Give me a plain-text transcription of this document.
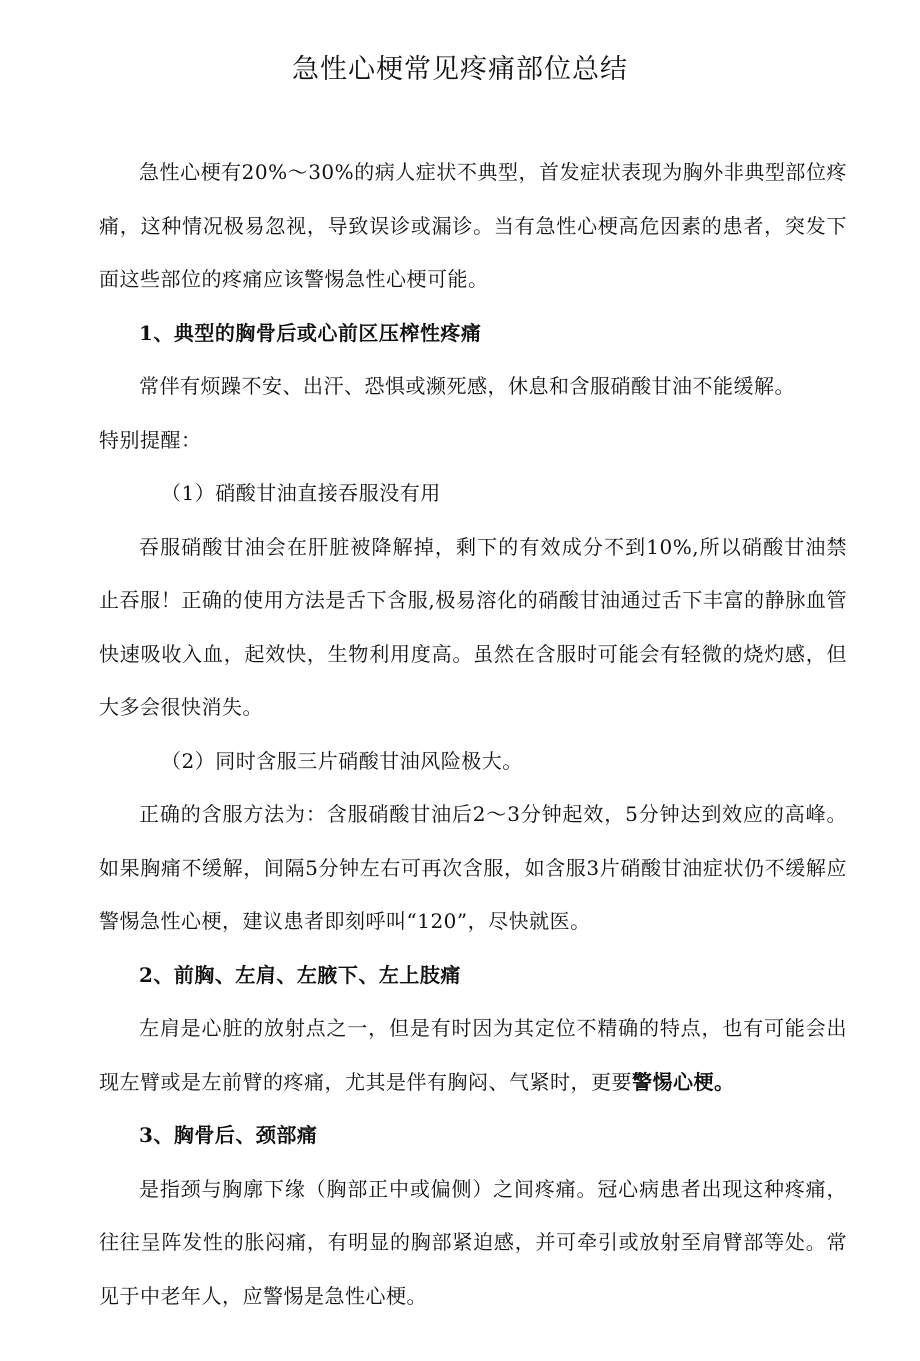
急性心梗常见疼痛部位总结

急性心梗有20%～30%的病人症状不典型，首发症状表现为胸外非典型部位疼痛，这种情况极易忽视，导致误诊或漏诊。当有急性心梗高危因素的患者，突发下面这些部位的疼痛应该警惕急性心梗可能。

1、典型的胸骨后或心前区压榨性疼痛

常伴有烦躁不安、出汗、恐惧或濒死感，休息和含服硝酸甘油不能缓解。

特别提醒：

（1）硝酸甘油直接吞服没有用

吞服硝酸甘油会在肝脏被降解掉，剩下的有效成分不到10%,所以硝酸甘油禁止吞服！正确的使用方法是舌下含服,极易溶化的硝酸甘油通过舌下丰富的静脉血管快速吸收入血，起效快，生物利用度高。虽然在含服时可能会有轻微的烧灼感，但大多会很快消失。

（2）同时含服三片硝酸甘油风险极大。

正确的含服方法为：含服硝酸甘油后2～3分钟起效，5分钟达到效应的高峰。如果胸痛不缓解，间隔5分钟左右可再次含服，如含服3片硝酸甘油症状仍不缓解应警惕急性心梗，建议患者即刻呼叫“120”，尽快就医。

2、前胸、左肩、左腋下、左上肢痛

左肩是心脏的放射点之一，但是有时因为其定位不精确的特点，也有可能会出现左臂或是左前臂的疼痛，尤其是伴有胸闷、气紧时，更要警惕心梗。

3、胸骨后、颈部痛

是指颈与胸廓下缘（胸部正中或偏侧）之间疼痛。冠心病患者出现这种疼痛，往往呈阵发性的胀闷痛，有明显的胸部紧迫感，并可牵引或放射至肩臂部等处。常见于中老年人，应警惕是急性心梗。
